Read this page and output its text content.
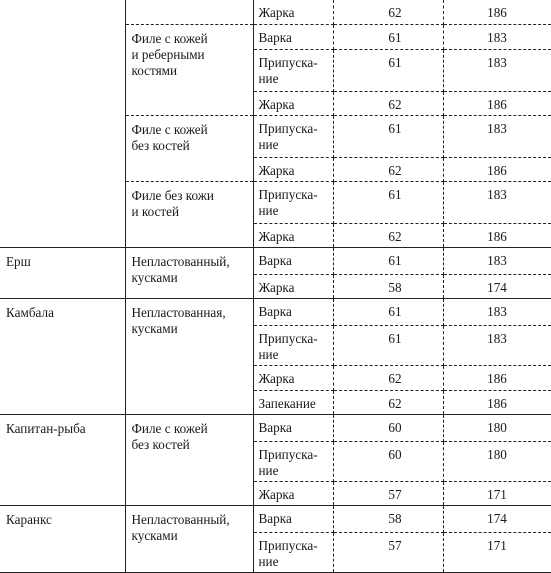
		Жарка	62	186

	Филе с кожей
и реберными
костями	Варка	61	183

		Припуска-
ние	61	183

		Жарка	62	186

	Филе с кожей
без костей	Припуска-
ние	61	183

		Жарка	62	186

	Филе без кожи
и костей	Припуска-
ние	61	183

		Жарка	62	186

Ерш	Непластованный,
кусками	Варка	61	183

		Жарка	58	174

Камбала	Непластованная,
кусками	Варка	61	183

		Припуска-
ние	61	183

		Жарка	62	186

		Запекание	62	186

Капитан-рыба	Филе с кожей
без костей	Варка	60	180

		Припуска-
ние	60	180

		Жарка	57	171

Каранкс	Непластованный,
кусками	Варка	58	174

		Припуска-
ние	57	171
